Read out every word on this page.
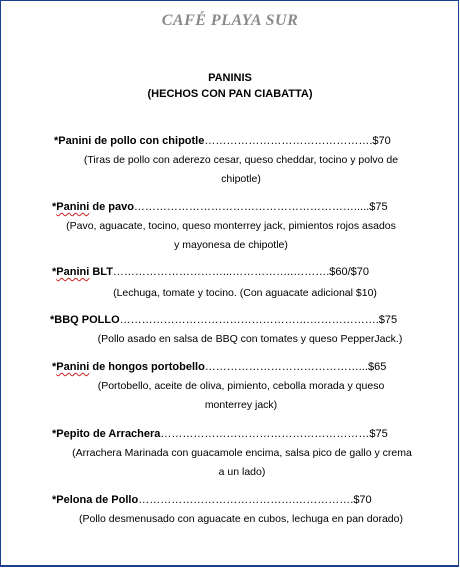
CAFÉ PLAYA SUR
PANINIS
(HECHOS CON PAN CIABATTA)
*Panini de pollo con chipotle……………………………………….$70
(Tiras de pollo con aderezo cesar, queso cheddar, tocino y polvo de chipotle)
*Panini de pavo…………………………………………………….....$75
(Pavo, aguacate, tocino, queso monterrey jack, pimientos rojos asados y mayonesa de chipotle)
*Panini BLT…………………………...……………..……….$60/$70
(Lechuga, tomate y tocino. (Con aguacate adicional $10)
*BBQ POLLO…………………………………………….……………….$75
(Pollo asado en salsa de BBQ con tomates y queso PepperJack.)
*Panini de hongos portobello……………………………………...$65
(Portobello, aceite de oliva, pimiento, cebolla morada y queso monterrey jack)
*Pepito de Arrachera…………………………………………………$75
(Arrachera Marinada con guacamole encima, salsa pico de gallo y crema a un lado)
*Pelona de Pollo…………………………………….…………….$70
(Pollo desmenusado con aguacate en cubos, lechuga en pan dorado)
